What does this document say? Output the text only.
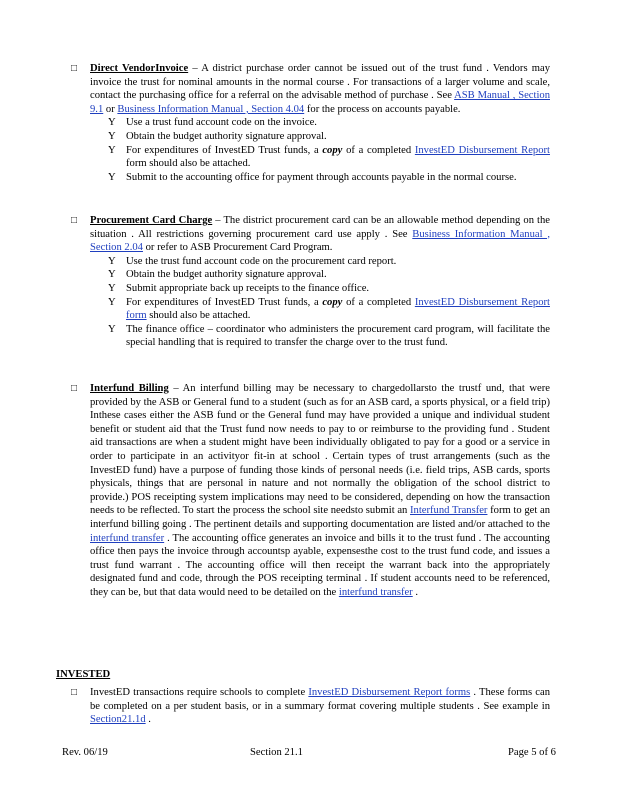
□ Direct VendorInvoice – A district purchase order cannot be issued out of the trust fund . Vendors may invoice the trust for nominal amounts in the normal course . For transactions of a larger volume and scale, contact the purchasing office for a referral on the advisable method of purchase . See ASB Manual , Section 9.1 or Business Information Manual , Section 4.04 for the process on accounts payable.
Y Use a trust fund account code on the invoice.
Y Obtain the budget authority signature approval.
Y For expenditures of InvestED Trust funds, a copy of a completed InvestED Disbursement Report form should also be attached.
Y Submit to the accounting office for payment through accounts payable in the normal course.
□ Procurement Card Charge – The district procurement card can be an allowable method depending on the situation . All restrictions governing procurement card use apply . See Business Information Manual , Section 2.04 or refer to ASB Procurement Card Program.
Y Use the trust fund account code on the procurement card report.
Y Obtain the budget authority signature approval.
Y Submit appropriate back up receipts to the finance office.
Y For expenditures of InvestED Trust funds, a copy of a completed InvestED Disbursement Report form should also be attached.
Y The finance office – coordinator who administers the procurement card program, will facilitate the special handling that is required to transfer the charge over to the trust fund.
□ Interfund Billing – An interfund billing may be necessary to chargedollarsto the trustf und, that were provided by the ASB or General fund to a student (such as for an ASB card, a sports physical, or a field trip) Inthese cases either the ASB fund or the General fund may have provided a unique and individual student benefit or student aid that the Trust fund now needs to pay to or reimburse to the providing fund . Student aid transactions are when a student might have been individually obligated to pay for a good or a service in order to participate in an activityor fit-in at school . Certain types of trust arrangements (such as the InvestED fund) have a purpose of funding those kinds of personal needs (i.e. field trips, ASB cards, sports physicals, things that are personal in nature and not normally the obligation of the school district to provide.) POS receipting system implications may need to be considered, depending on how the transaction needs to be reflected. To start the process the school site needsto submit an Interfund Transfer form to get an interfund billing going . The pertinent details and supporting documentation are listed and/or attached to the interfund transfer . The accounting office generates an invoice and bills it to the trust fund . The accounting office then pays the invoice through accountsp ayable, expensesthe cost to the trust fund code, and issues a trust fund warrant . The accounting office will then receipt the warrant back into the appropriately designated fund and code, through the POS receipting terminal . If student accounts need to be referenced, they can be, but that data would need to be detailed on the interfund transfer .
INVESTED
□ InvestED transactions require schools to complete InvestED Disbursement Report forms . These forms can be completed on a per student basis, or in a summary format covering multiple students . See example in Section21.1d .
Rev. 06/19	Section 21.1	Page 5 of 6
